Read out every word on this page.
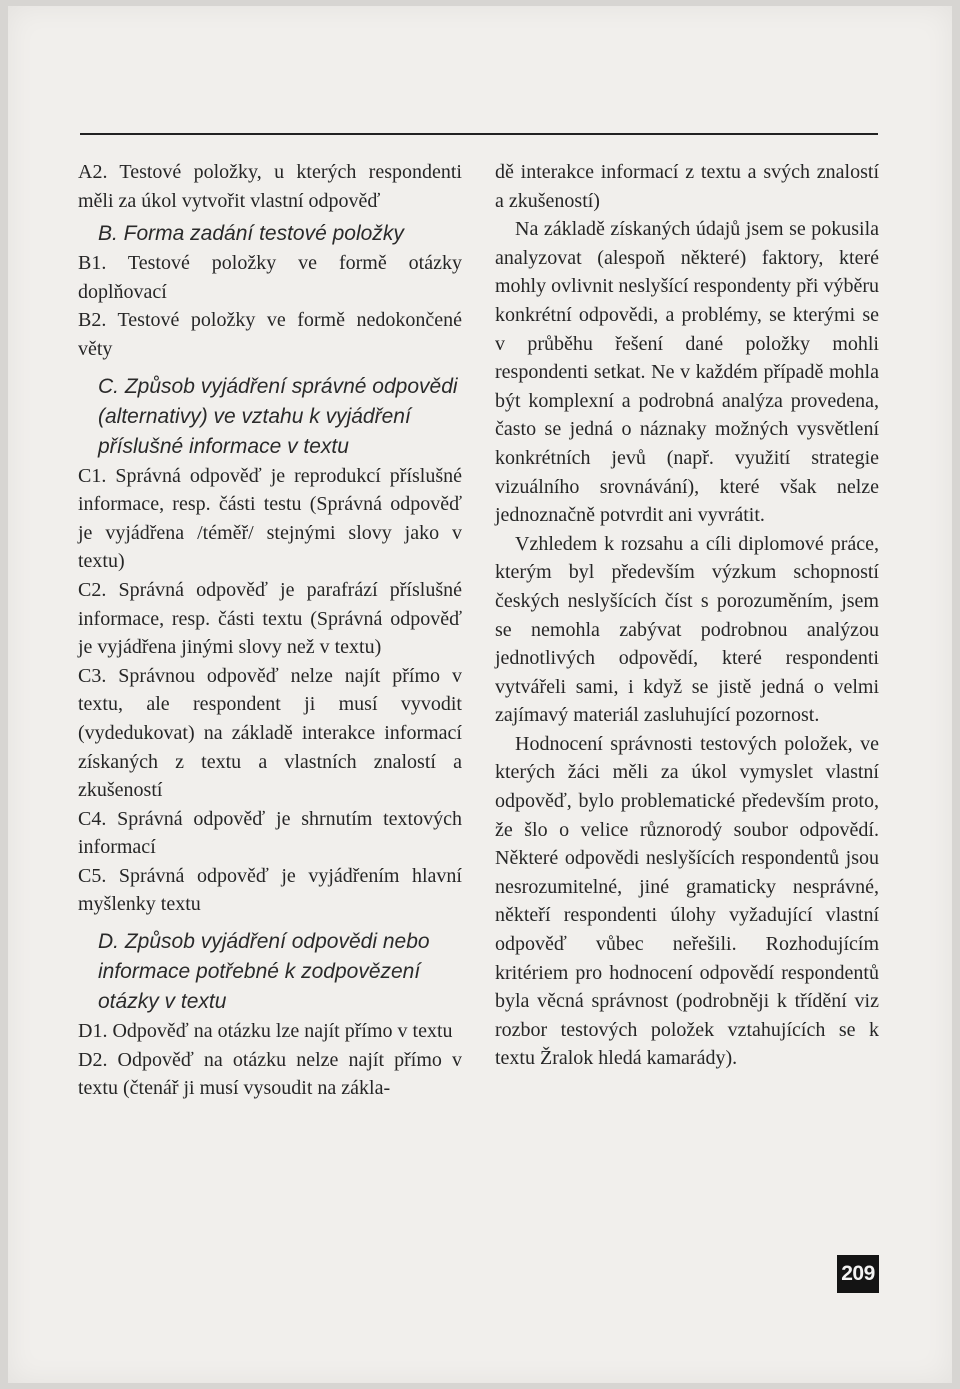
A2. Testové položky, u kterých respondenti měli za úkol vytvořit vlastní odpověď

B. Forma zadání testové položky

B1. Testové položky ve formě otázky doplňovací

B2. Testové položky ve formě nedokončené věty

C. Způsob vyjádření správné odpovědi (alternativy) ve vztahu k vyjádření příslušné informace v textu

C1. Správná odpověď je reprodukcí příslušné informace, resp. části testu (Správná odpověď je vyjádřena /téměř/ stejnými slovy jako v textu)

C2. Správná odpověď je parafrází příslušné informace, resp. části textu (Správná odpověď je vyjádřena jinými slovy než v textu)

C3. Správnou odpověď nelze najít přímo v textu, ale respondent ji musí vyvodit (vydedukovat) na základě interakce informací získaných z textu a vlastních znalostí a zkušeností

C4. Správná odpověď je shrnutím textových informací

C5. Správná odpověď je vyjádřením hlavní myšlenky textu

D. Způsob vyjádření odpovědi nebo informace potřebné k zodpovězení otázky v textu

D1. Odpověď na otázku lze najít přímo v textu

D2. Odpověď na otázku nelze najít přímo v textu (čtenář ji musí vysoudit na zákla-

dě interakce informací z textu a svých znalostí a zkušeností)

Na základě získaných údajů jsem se pokusila analyzovat (alespoň některé) faktory, které mohly ovlivnit neslyšící respondenty při výběru konkrétní odpovědi, a problémy, se kterými se v průběhu řešení dané položky mohli respondenti setkat. Ne v každém případě mohla být komplexní a podrobná analýza provedena, často se jedná o náznaky možných vysvětlení konkrétních jevů (např. využití strategie vizuálního srovnávání), které však nelze jednoznačně potvrdit ani vyvrátit.

Vzhledem k rozsahu a cíli diplomové práce, kterým byl především výzkum schopností českých neslyšících číst s porozuměním, jsem se nemohla zabývat podrobnou analýzou jednotlivých odpovědí, které respondenti vytvářeli sami, i když se jistě jedná o velmi zajímavý materiál zasluhující pozornost.

Hodnocení správnosti testových položek, ve kterých žáci měli za úkol vymyslet vlastní odpověď, bylo problematické především proto, že šlo o velice různorodý soubor odpovědí. Některé odpovědi neslyšících respondentů jsou nesrozumitelné, jiné gramaticky nesprávné, někteří respondenti úlohy vyžadující vlastní odpověď vůbec neřešili. Rozhodujícím kritériem pro hodnocení odpovědí respondentů byla věcná správnost (podrobněji k třídění viz rozbor testových položek vztahujících se k textu Žralok hledá kamarády).

209
